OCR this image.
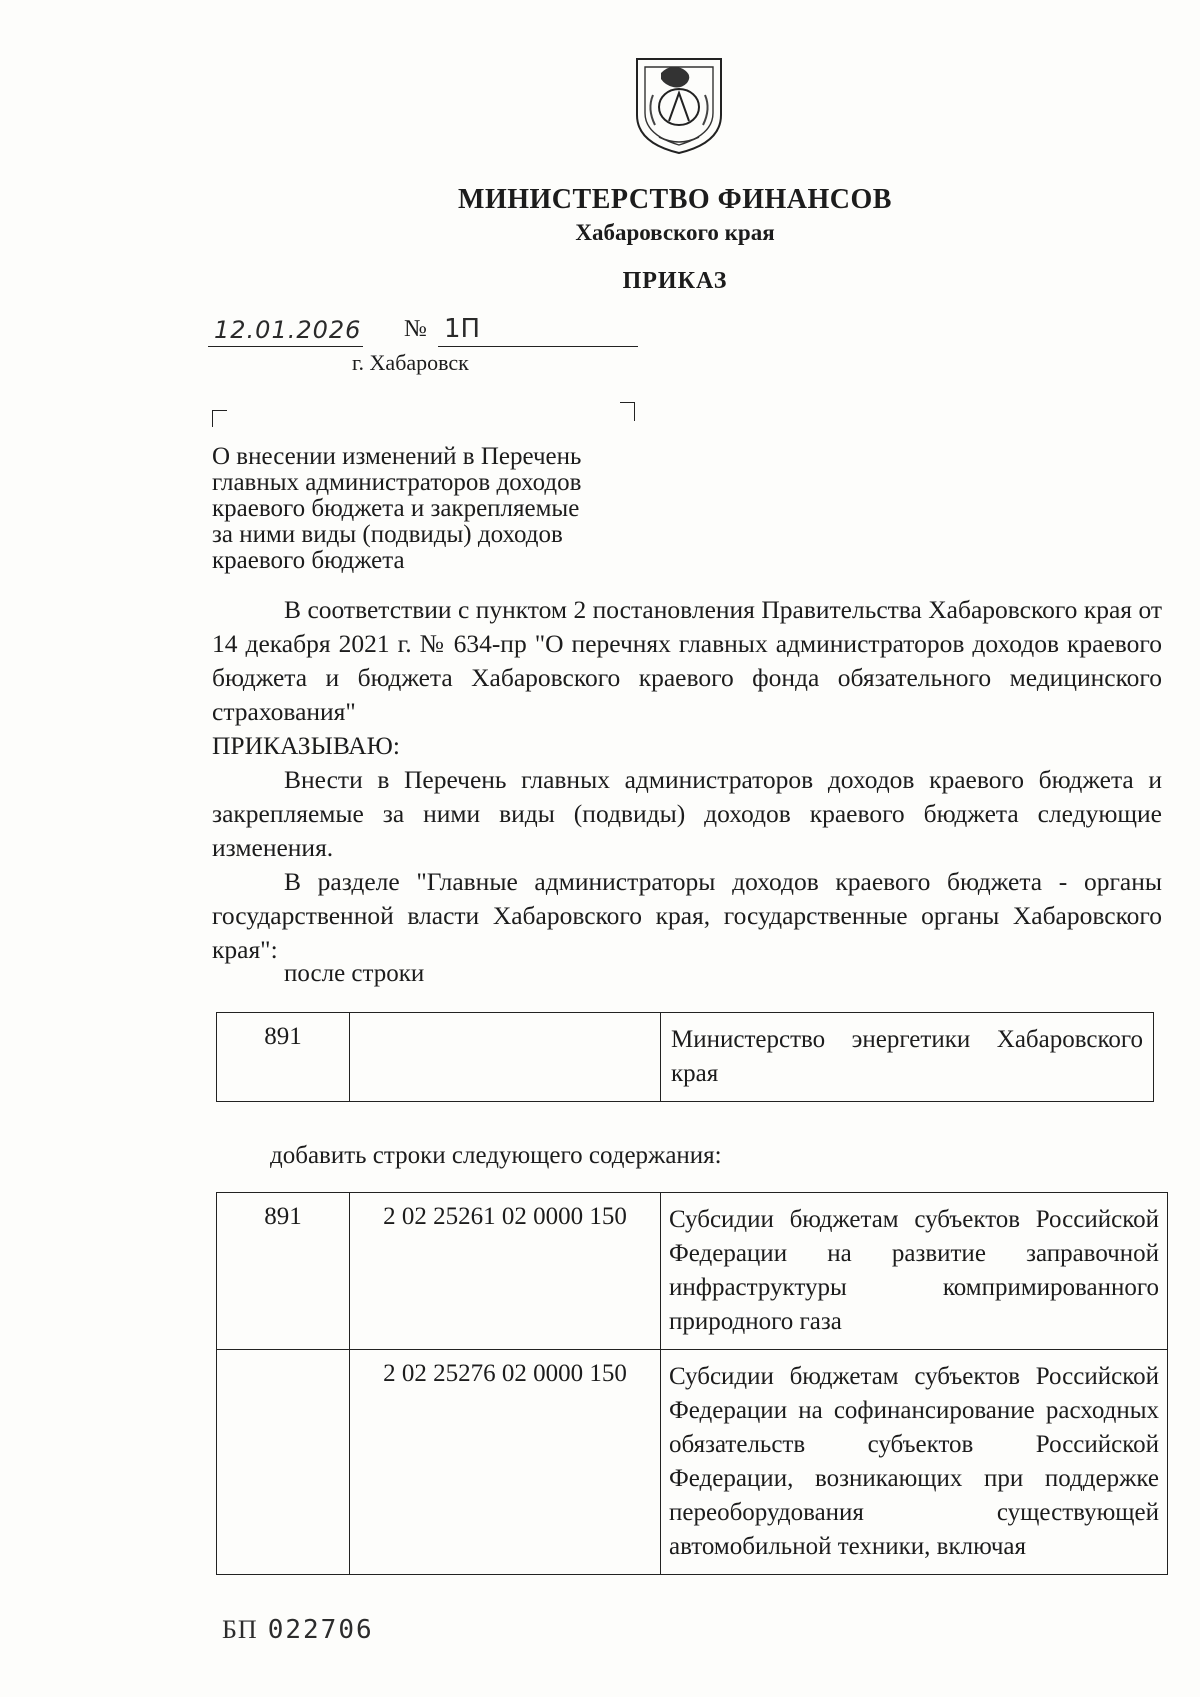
МИНИСТЕРСТВО ФИНАНСОВ
Хабаровского края
ПРИКАЗ
12.01.2026 № 1П
г. Хабаровск
О внесении изменений в Перечень
главных администраторов доходов
краевого бюджета и закрепляемые
за ними виды (подвиды) доходов
краевого бюджета

В соответствии с пунктом 2 постановления Правительства Хабаровского края от 14 декабря 2021 г. № 634-пр "О перечнях главных администраторов доходов краевого бюджета и бюджета Хабаровского краевого фонда обязательного медицинского страхования"

ПРИКАЗЫВАЮ:

Внести в Перечень главных администраторов доходов краевого бюджета и закрепляемые за ними виды (подвиды) доходов краевого бюджета следующие изменения.

В разделе "Главные администраторы доходов краевого бюджета - органы государственной власти Хабаровского края, государственные органы Хабаровского края":

после строки
891		Министерство энергетики Хабаровского края
добавить строки следующего содержания:
891	2 02 25261 02 0000 150	Субсидии бюджетам субъектов Российской Федерации на развитие заправочной инфраструктуры компримированного природного газа
	2 02 25276 02 0000 150	Субсидии бюджетам субъектов Российской Федерации на софинансирование расходных обязательств субъектов Российской Федерации, возникающих при поддержке переоборудования существующей автомобильной техники, включая
БП 022706
